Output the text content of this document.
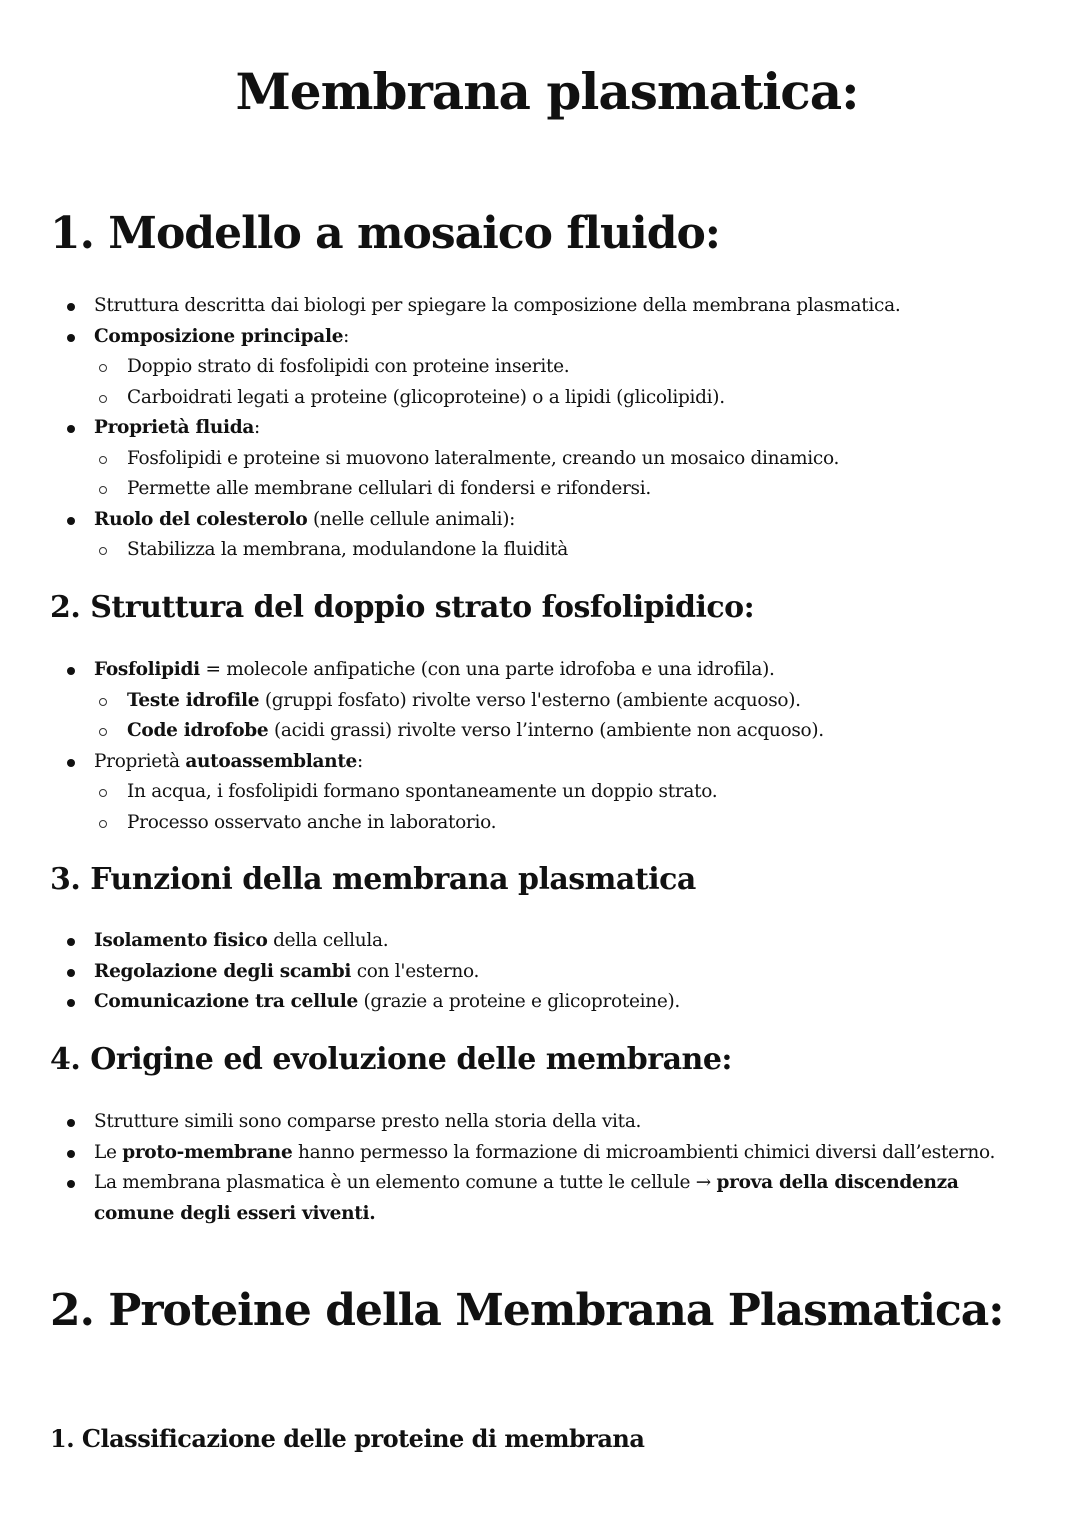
Membrana plasmatica:
1. Modello a mosaico fluido:
Struttura descritta dai biologi per spiegare la composizione della membrana plasmatica.
Composizione principale:
Doppio strato di fosfolipidi con proteine inserite.
Carboidrati legati a proteine (glicoproteine) o a lipidi (glicolipidi).
Proprietà fluida:
Fosfolipidi e proteine si muovono lateralmente, creando un mosaico dinamico.
Permette alle membrane cellulari di fondersi e rifondersi.
Ruolo del colesterolo (nelle cellule animali):
Stabilizza la membrana, modulandone la fluidità
2. Struttura del doppio strato fosfolipidico:
Fosfolipidi = molecole anfipatiche (con una parte idrofoba e una idrofila).
Teste idrofile (gruppi fosfato) rivolte verso l'esterno (ambiente acquoso).
Code idrofobe (acidi grassi) rivolte verso l’interno (ambiente non acquoso).
Proprietà autoassemblante:
In acqua, i fosfolipidi formano spontaneamente un doppio strato.
Processo osservato anche in laboratorio.
3. Funzioni della membrana plasmatica
Isolamento fisico della cellula.
Regolazione degli scambi con l'esterno.
Comunicazione tra cellule (grazie a proteine e glicoproteine).
4. Origine ed evoluzione delle membrane:
Strutture simili sono comparse presto nella storia della vita.
Le proto-membrane hanno permesso la formazione di microambienti chimici diversi dall’esterno.
La membrana plasmatica è un elemento comune a tutte le cellule → prova della discendenza comune degli esseri viventi.
2. Proteine della Membrana Plasmatica:
1. Classificazione delle proteine di membrana
